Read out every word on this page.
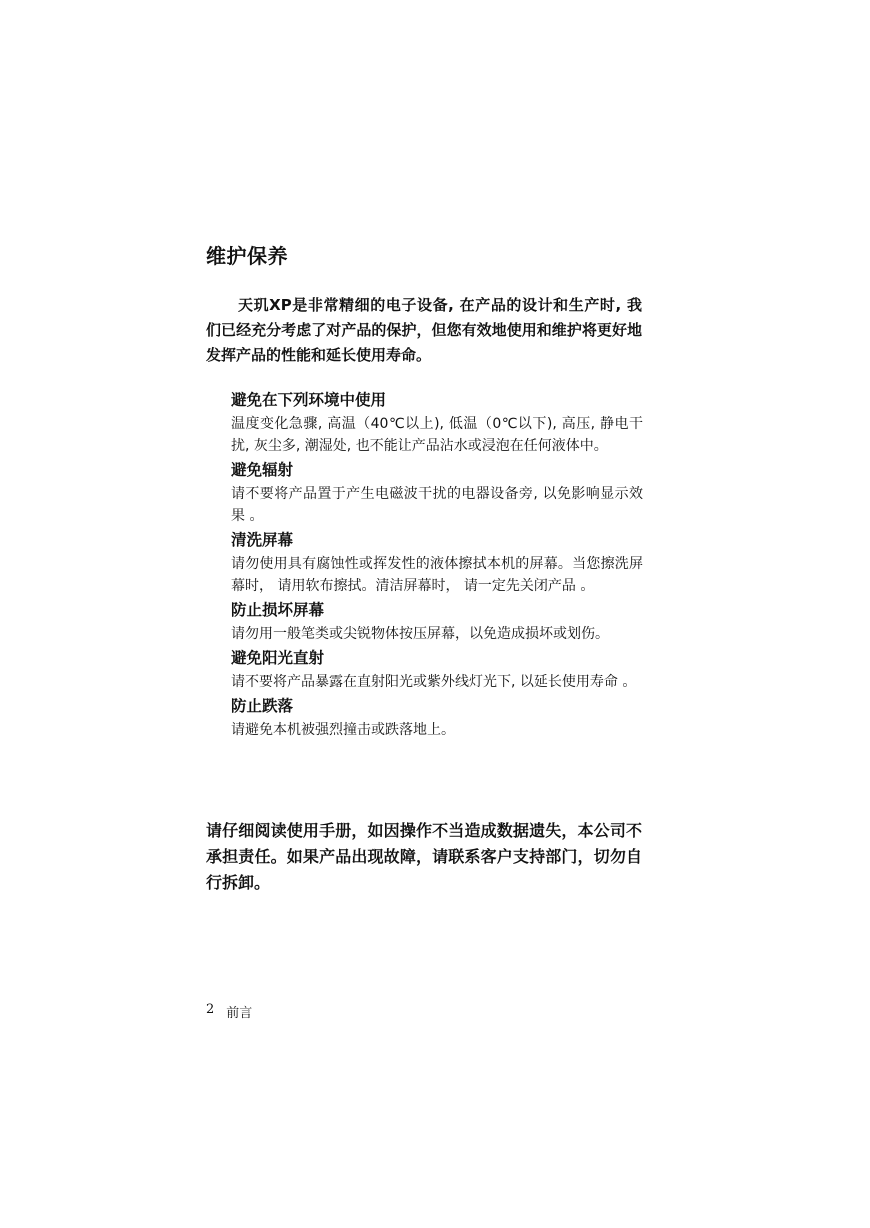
维护保养

天玑XP是非常精细的电子设备, 在产品的设计和生产时, 我们已经充分考虑了对产品的保护，但您有效地使用和维护将更好地发挥产品的性能和延长使用寿命。

避免在下列环境中使用
温度变化急骤, 高温（40℃以上), 低温（0℃以下), 高压, 静电干扰, 灰尘多, 潮湿处, 也不能让产品沾水或浸泡在任何液体中。
避免辐射
请不要将产品置于产生电磁波干扰的电器设备旁, 以免影响显示效果 。
清洗屏幕
请勿使用具有腐蚀性或挥发性的液体擦拭本机的屏幕。当您擦洗屏幕时， 请用软布擦拭。清洁屏幕时， 请一定先关闭产品 。
防止损坏屏幕
请勿用一般笔类或尖锐物体按压屏幕，以免造成损坏或划伤。
避免阳光直射
请不要将产品暴露在直射阳光或紫外线灯光下, 以延长使用寿命 。
防止跌落
请避免本机被强烈撞击或跌落地上。

请仔细阅读使用手册，如因操作不当造成数据遗失，本公司不承担责任。如果产品出现故障，请联系客户支持部门，切勿自行拆卸。

2 前言
